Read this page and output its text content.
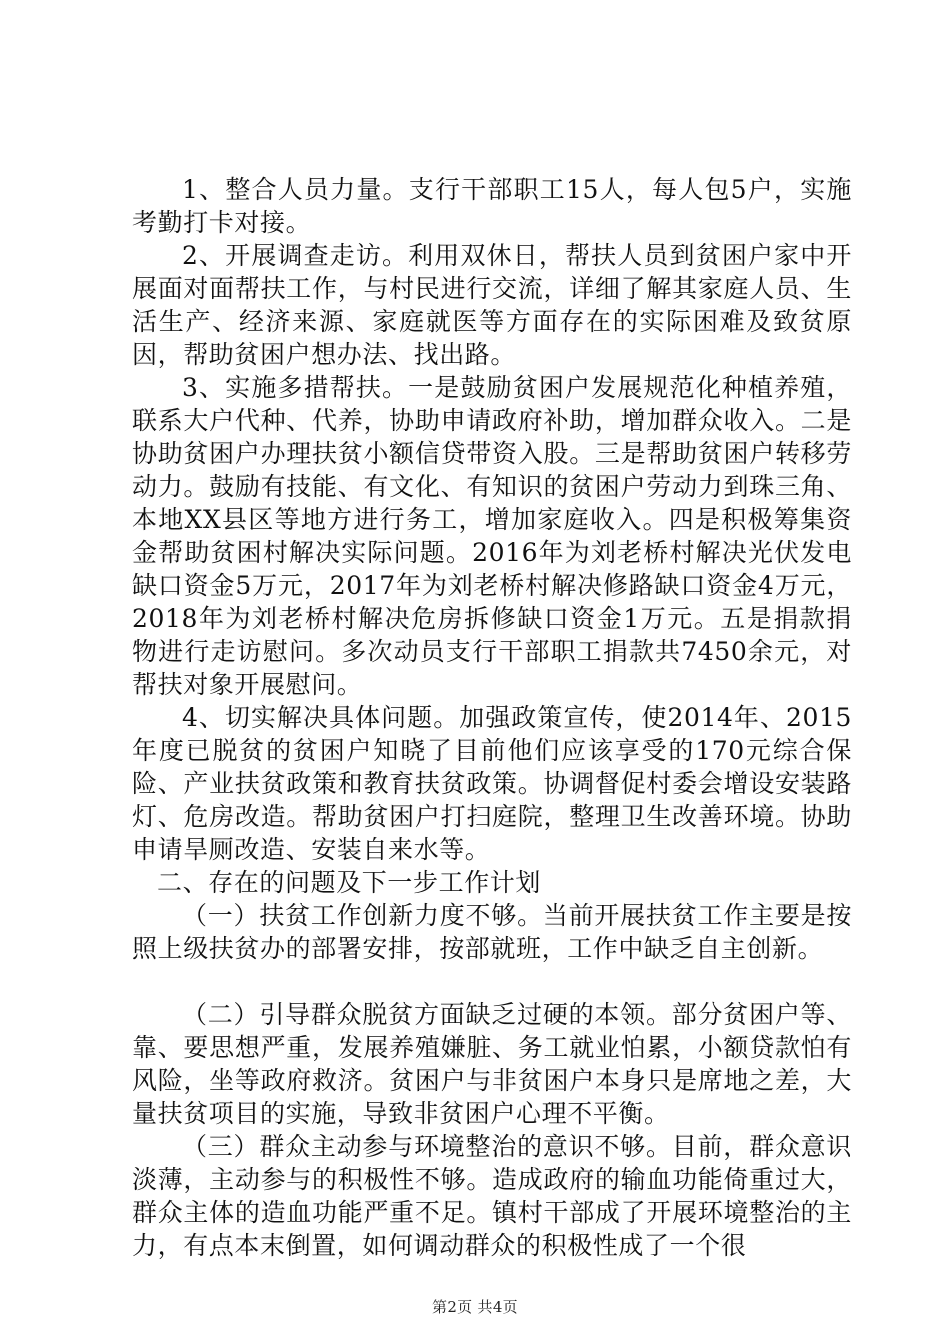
1、整合人员力量。支行干部职工15人，每人包5户，实施考勤打卡对接。

2、开展调查走访。利用双休日，帮扶人员到贫困户家中开展面对面帮扶工作，与村民进行交流，详细了解其家庭人员、生活生产、经济来源、家庭就医等方面存在的实际困难及致贫原因，帮助贫困户想办法、找出路。

3、实施多措帮扶。一是鼓励贫困户发展规范化种植养殖，联系大户代种、代养，协助申请政府补助，增加群众收入。二是协助贫困户办理扶贫小额信贷带资入股。三是帮助贫困户转移劳动力。鼓励有技能、有文化、有知识的贫困户劳动力到珠三角、本地XX县区等地方进行务工，增加家庭收入。四是积极筹集资金帮助贫困村解决实际问题。2016年为刘老桥村解决光伏发电缺口资金5万元，2017年为刘老桥村解决修路缺口资金4万元，2018年为刘老桥村解决危房拆修缺口资金1万元。五是捐款捐物进行走访慰问。多次动员支行干部职工捐款共7450余元，对帮扶对象开展慰问。

4、切实解决具体问题。加强政策宣传，使2014年、2015年度已脱贫的贫困户知晓了目前他们应该享受的170元综合保险、产业扶贫政策和教育扶贫政策。协调督促村委会增设安装路灯、危房改造。帮助贫困户打扫庭院，整理卫生改善环境。协助申请旱厕改造、安装自来水等。

二、存在的问题及下一步工作计划

（一）扶贫工作创新力度不够。当前开展扶贫工作主要是按照上级扶贫办的部署安排，按部就班，工作中缺乏自主创新。

（二）引导群众脱贫方面缺乏过硬的本领。部分贫困户等、靠、要思想严重，发展养殖嫌脏、务工就业怕累，小额贷款怕有风险，坐等政府救济。贫困户与非贫困户本身只是席地之差，大量扶贫项目的实施，导致非贫困户心理不平衡。

（三）群众主动参与环境整治的意识不够。目前，群众意识淡薄，主动参与的积极性不够。造成政府的输血功能倚重过大，群众主体的造血功能严重不足。镇村干部成了开展环境整治的主力，有点本末倒置，如何调动群众的积极性成了一个很

第2页 共4页
